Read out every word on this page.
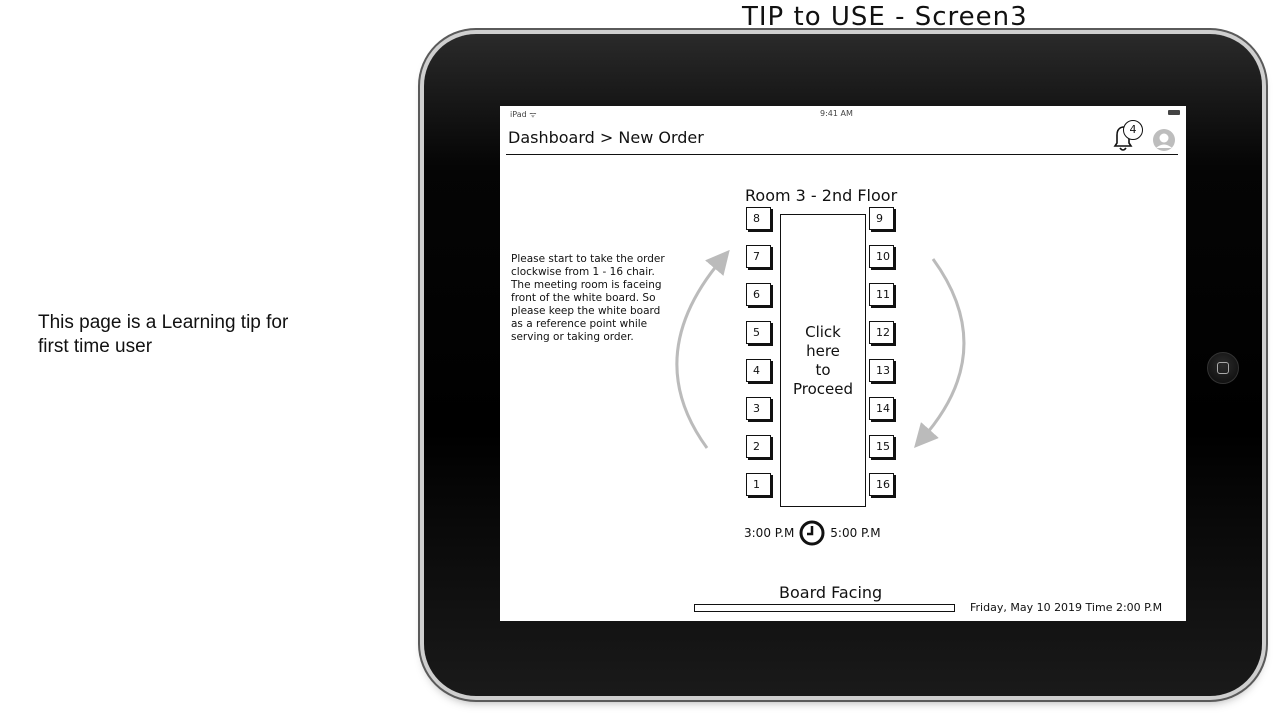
TIP to USE - Screen3
This page is a Learning tip for first time user
iPad ᯤ	9:41 AM
Dashboard > New Order	4
Please start to take the order clockwise from 1 - 16 chair. The meeting room is faceing front of the white board. So please keep the white board as a reference point while serving or taking order.
Room 3 - 2nd Floor
8
7
6
5
4
3
2
1
9
10
11
12
13
14
15
16
Click
here
to
Proceed
3:00 P.M	5:00 P.M
Board Facing
Friday, May 10 2019 Time 2:00 P.M
